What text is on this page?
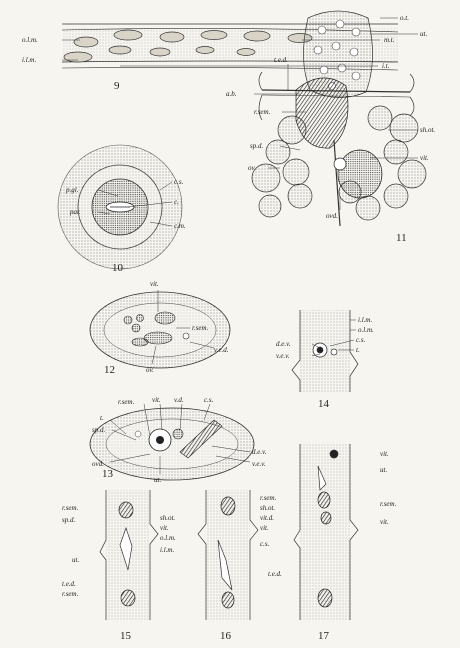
o.t.
o.l.m.	m.t.
i.l.m.
i.t.
9
c.s.
p.gl.
c.
par.
c.m.
10
ut.
t.e.d.
a.b.
r.sem.
sh.ot.
sp.d.
vit.
ov.
ovd.
11
vit.
r.sem.
v.e.d.
ov.
12
i.l.m.
o.l.m.
d.e.v.	c.s.
v.e.v.
t.
14
vit. v.d.	c.s.
r.sem.
t.
sp.d.
d.e.v.
ovd.	v.e.v.
ut.
13
vit.
ut.
r.sem.
vit.
t.e.d.
17
r.sem.
sp.d.	sh.ot.
vit.
o.l.m.
i.l.m.
ut.
t.e.d.
r.sem.
15
r.sem.
sh.ot.
vit.d.
vit.
c.s.
16
